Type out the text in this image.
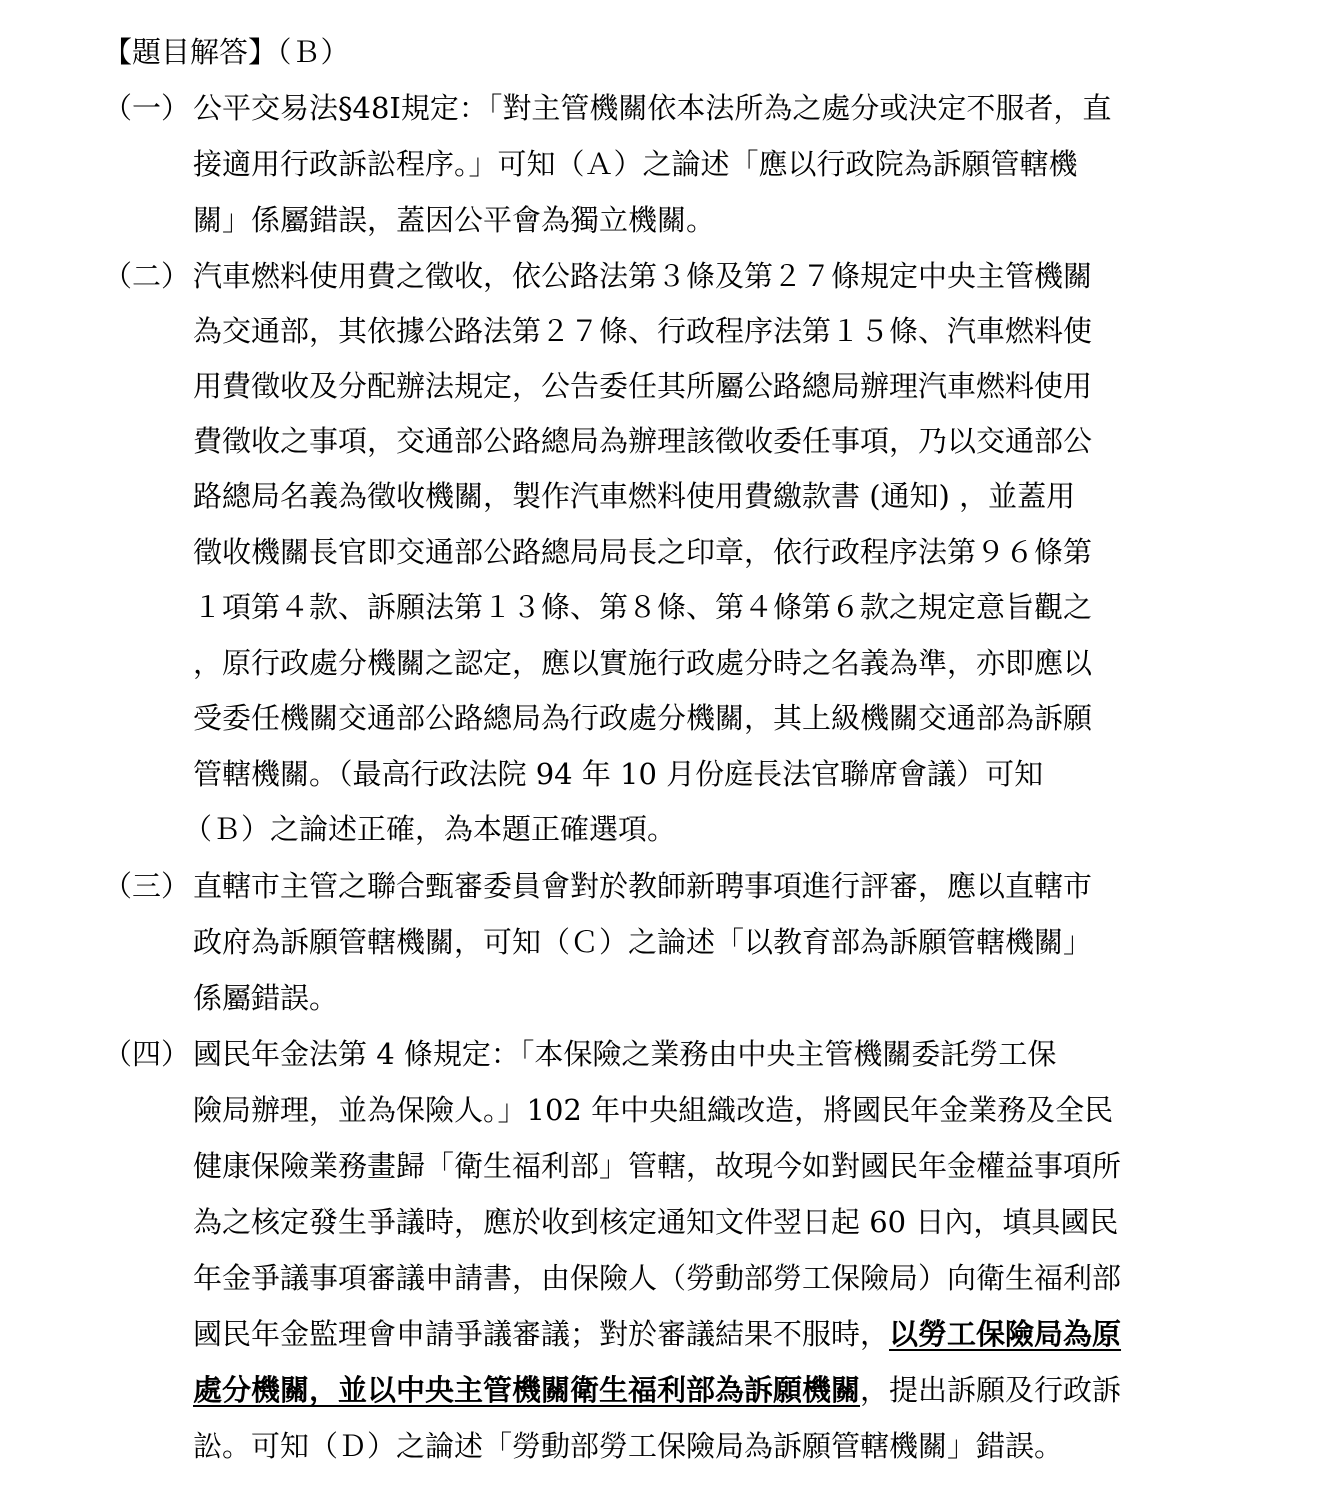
【題目解答】（Ｂ）
（一） 公平交易法§48Ⅰ規定：「對主管機關依本法所為之處分或決定不服者，直
接適用行政訴訟程序。」可知（Ａ）之論述「應以行政院為訴願管轄機
關」係屬錯誤，蓋因公平會為獨立機關。
（二） 汽車燃料使用費之徵收，依公路法第３條及第２７條規定中央主管機關
為交通部，其依據公路法第２７條、行政程序法第１５條、汽車燃料使
用費徵收及分配辦法規定，公告委任其所屬公路總局辦理汽車燃料使用
費徵收之事項，交通部公路總局為辦理該徵收委任事項，乃以交通部公
路總局名義為徵收機關，製作汽車燃料使用費繳款書 (通知) ，並蓋用
徵收機關長官即交通部公路總局局長之印章，依行政程序法第９６條第
１項第４款、訴願法第１３條、第８條、第４條第６款之規定意旨觀之
，原行政處分機關之認定，應以實施行政處分時之名義為準，亦即應以
受委任機關交通部公路總局為行政處分機關，其上級機關交通部為訴願
管轄機關。（最高行政法院 94 年 10 月份庭長法官聯席會議）可知
（Ｂ）之論述正確，為本題正確選項。
（三） 直轄市主管之聯合甄審委員會對於教師新聘事項進行評審，應以直轄市
政府為訴願管轄機關，可知（Ｃ）之論述「以教育部為訴願管轄機關」
係屬錯誤。
（四） 國民年金法第 4 條規定：「本保險之業務由中央主管機關委託勞工保
險局辦理，並為保險人。」102 年中央組織改造，將國民年金業務及全民
健康保險業務畫歸「衛生福利部」管轄，故現今如對國民年金權益事項所
為之核定發生爭議時，應於收到核定通知文件翌日起 60 日內，填具國民
年金爭議事項審議申請書，由保險人（勞動部勞工保險局）向衛生福利部
國民年金監理會申請爭議審議；對於審議結果不服時，以勞工保險局為原
處分機關，並以中央主管機關衛生福利部為訴願機關，提出訴願及行政訴
訟。可知（Ｄ）之論述「勞動部勞工保險局為訴願管轄機關」錯誤。
